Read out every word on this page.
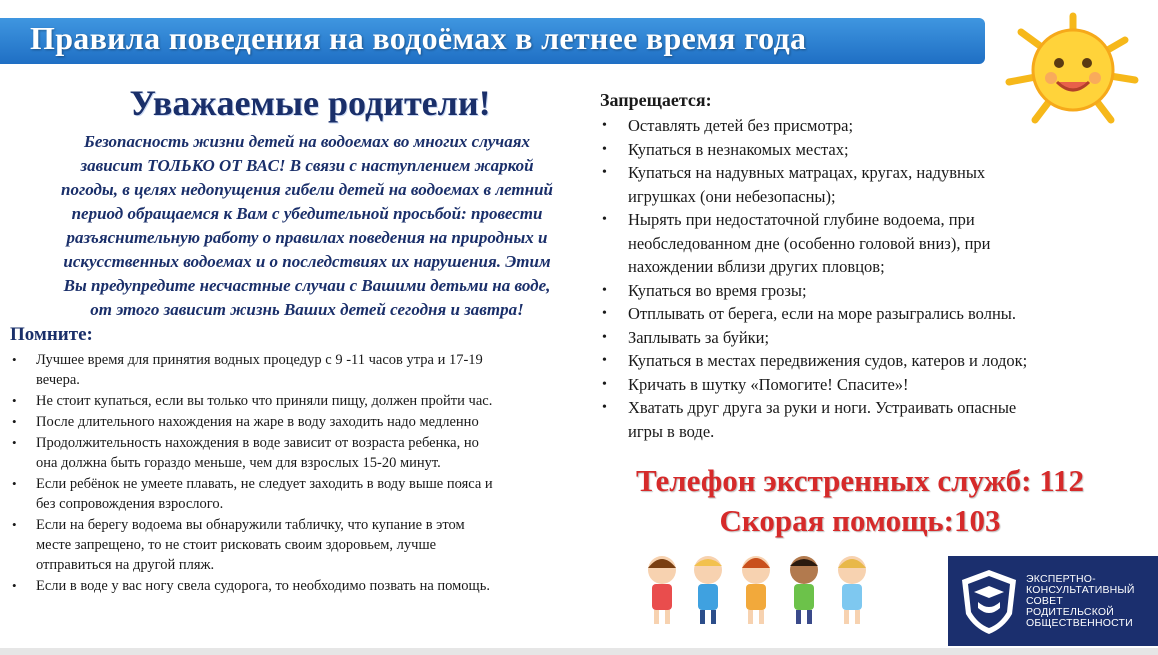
Правила поведения на водоёмах в летнее время года
Уважаемые родители!
Безопасность жизни детей на водоемах во многих случаях
зависит ТОЛЬКО ОТ ВАС! В связи с наступлением жаркой
погоды, в целях недопущения гибели детей на водоемах в летний
период обращаемся к Вам с убедительной просьбой: провести
разъяснительную работу о правилах поведения на природных и
искусственных водоемах и о последствиях их нарушения. Этим
Вы предупредите несчастные случаи с Вашими детьми на воде,
от этого зависит жизнь Ваших детей сегодня и завтра!
Помните:
• Лучшее время для принятия водных процедур с 9 -11 часов утра и 17-19
вечера.
• Не стоит купаться, если вы только что приняли пищу, должен пройти час.
• После длительного нахождения на жаре в воду заходить надо медленно
• Продолжительность нахождения в воде зависит от возраста ребенка, но
она должна быть гораздо меньше, чем для взрослых 15-20 минут.
• Если ребёнок не умеете плавать, не следует заходить в воду выше пояса и
без сопровождения взрослого.
• Если на берегу водоема вы обнаружили табличку, что купание в этом
месте запрещено, то не стоит рисковать своим здоровьем, лучше
отправиться на другой пляж.
• Если в воде у вас ногу свела судорога, то необходимо позвать на помощь.
Запрещается:
• Оставлять детей без присмотра;
• Купаться в незнакомых местах;
• Купаться на надувных матрацах, кругах, надувных
игрушках (они небезопасны);
• Нырять при недостаточной глубине водоема, при
необследованном дне (особенно головой вниз), при
нахождении вблизи других пловцов;
• Купаться во время грозы;
• Отплывать от берега, если на море разыгрались волны.
• Заплывать за буйки;
• Купаться в местах передвижения судов, катеров и лодок;
• Кричать в шутку «Помогите! Спасите»!
• Хватать друг друга за руки и ноги. Устраивать опасные
игры в воде.
Телефон экстренных служб: 112
Скорая помощь:103
ЭКСПЕРТНО-
КОНСУЛЬТАТИВНЫЙ
СОВЕТ
РОДИТЕЛЬСКОЙ
ОБЩЕСТВЕННОСТИ
